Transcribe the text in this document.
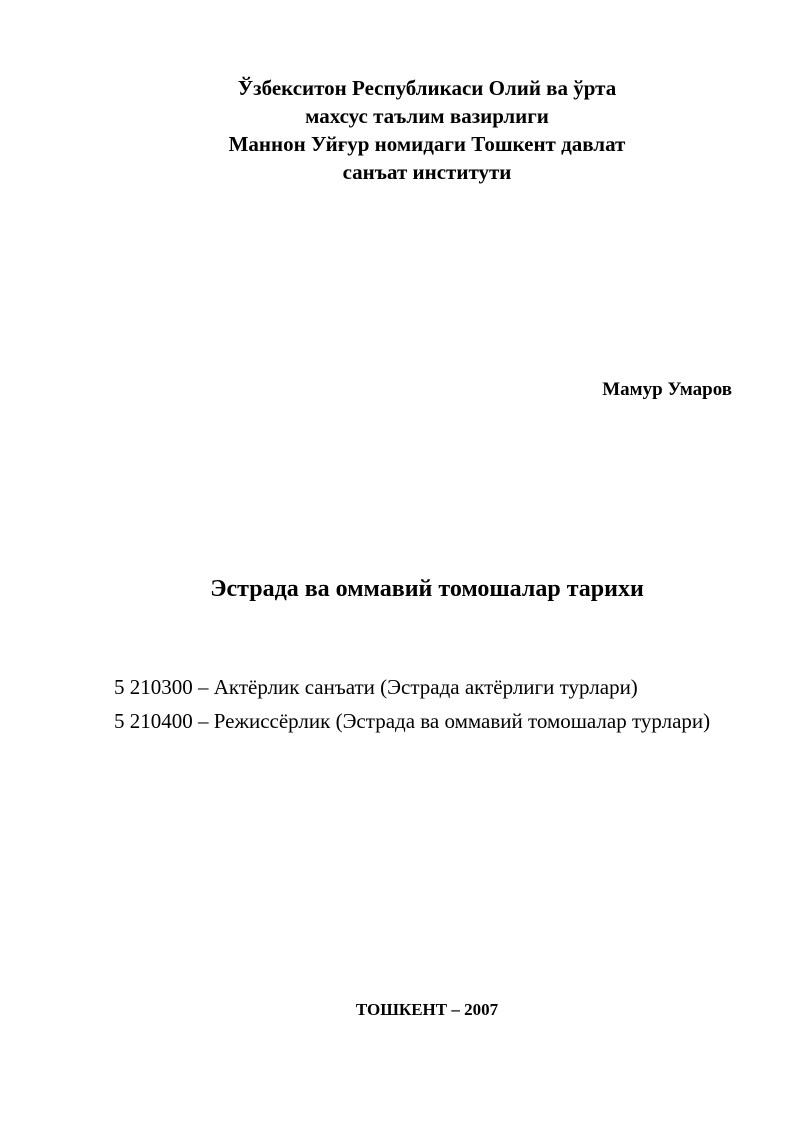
Ўзбекситон Республикаси Олий ва ўрта
махсус таълим вазирлиги
Маннон Уйғур номидаги Тошкент давлат
санъат институти
Мамур Умаров
Эстрада ва оммавий томошалар тарихи

5 210300 – Актёрлик санъати (Эстрада актёрлиги турлари)

5 210400 – Режиссёрлик (Эстрада ва оммавий томошалар турлари)

ТОШКЕНТ – 2007
